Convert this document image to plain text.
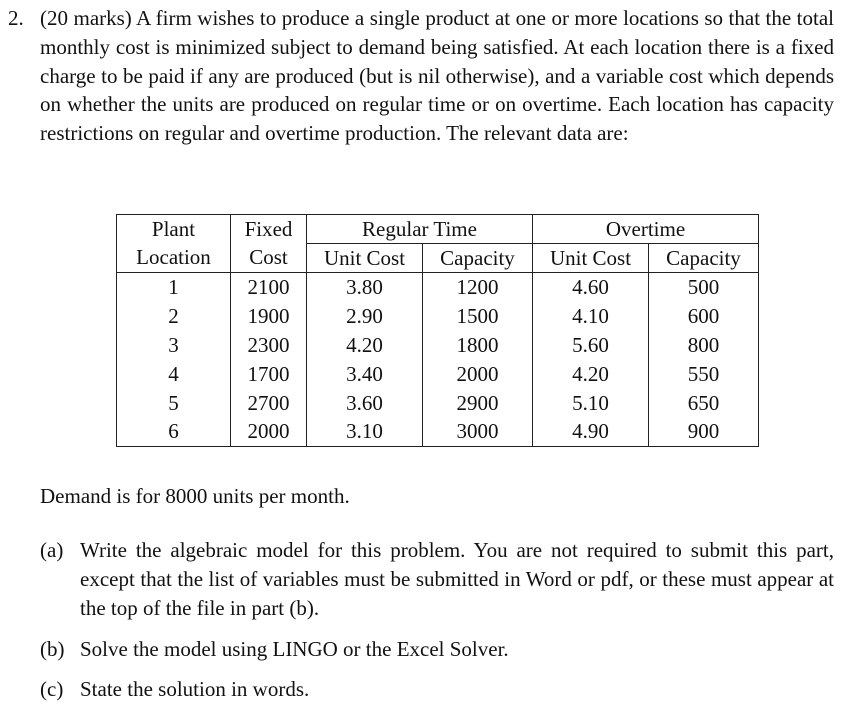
2. (20 marks) A firm wishes to produce a single product at one or more locations so that the total monthly cost is minimized subject to demand being satisfied. At each location there is a fixed charge to be paid if any are produced (but is nil otherwise), and a variable cost which depends on whether the units are produced on regular time or on overtime. Each location has capacity restrictions on regular and overtime production. The relevant data are:
Plant	Fixed	Regular Time		Overtime	
Location	Cost	Unit Cost	Capacity	Unit Cost	Capacity
1	2100	3.80	1200	4.60	500
2	1900	2.90	1500	4.10	600
3	2300	4.20	1800	5.60	800
4	1700	3.40	2000	4.20	550
5	2700	3.60	2900	5.10	650
6	2000	3.10	3000	4.90	900
Demand is for 8000 units per month.
(a) Write the algebraic model for this problem. You are not required to submit this part, except that the list of variables must be submitted in Word or pdf, or these must appear at the top of the file in part (b).
(b) Solve the model using LINGO or the Excel Solver.
(c) State the solution in words.
